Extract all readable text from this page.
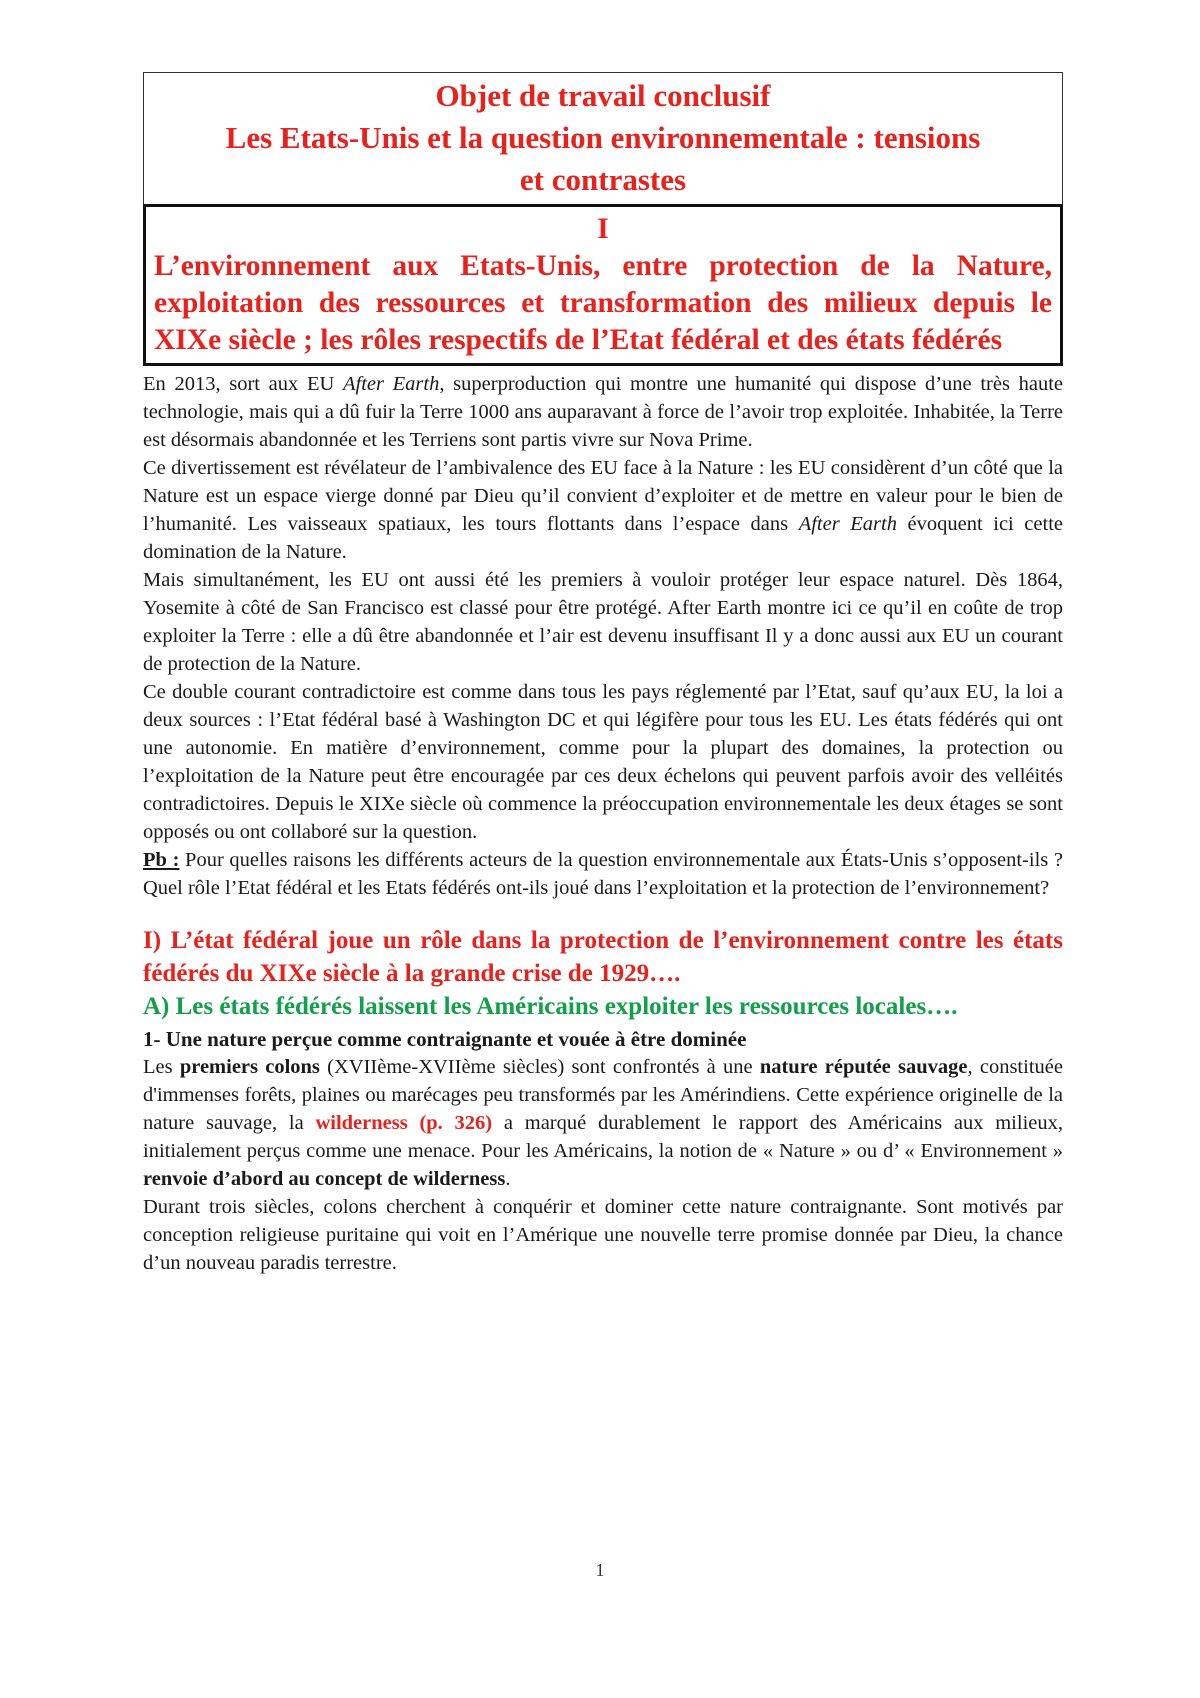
Objet de travail conclusif
Les Etats-Unis et la question environnementale : tensions
et contrastes
I
L’environnement aux Etats-Unis, entre protection de la Nature, exploitation des ressources et transformation des milieux depuis le XIXe siècle ; les rôles respectifs de l’Etat fédéral et des états fédérés

En 2013, sort aux EU After Earth, superproduction qui montre une humanité qui dispose d’une très haute technologie, mais qui a dû fuir la Terre 1000 ans auparavant à force de l’avoir trop exploitée. Inhabitée, la Terre est désormais abandonnée et les Terriens sont partis vivre sur Nova Prime.

Ce divertissement est révélateur de l’ambivalence des EU face à la Nature : les EU considèrent d’un côté que la Nature est un espace vierge donné par Dieu qu’il convient d’exploiter et de mettre en valeur pour le bien de l’humanité. Les vaisseaux spatiaux, les tours flottants dans l’espace dans After Earth évoquent ici cette domination de la Nature.

Mais simultanément, les EU ont aussi été les premiers à vouloir protéger leur espace naturel. Dès 1864, Yosemite à côté de San Francisco est classé pour être protégé. After Earth montre ici ce qu’il en coûte de trop exploiter la Terre : elle a dû être abandonnée et l’air est devenu insuffisant Il y a donc aussi aux EU un courant de protection de la Nature.

Ce double courant contradictoire est comme dans tous les pays réglementé par l’Etat, sauf qu’aux EU, la loi a deux sources : l’Etat fédéral basé à Washington DC et qui légifère pour tous les EU. Les états fédérés qui ont une autonomie. En matière d’environnement, comme pour la plupart des domaines, la protection ou l’exploitation de la Nature peut être encouragée par ces deux échelons qui peuvent parfois avoir des velléités contradictoires. Depuis le XIXe siècle où commence la préoccupation environnementale les deux étages se sont opposés ou ont collaboré sur la question.

Pb : Pour quelles raisons les différents acteurs de la question environnementale aux États-Unis s’opposent-ils ? Quel rôle l’Etat fédéral et les Etats fédérés ont-ils joué dans l’exploitation et la protection de l’environnement?

I) L’état fédéral joue un rôle dans la protection de l’environnement contre les états fédérés du XIXe siècle à la grande crise de 1929….
A) Les états fédérés laissent les Américains exploiter les ressources locales….
1- Une nature perçue comme contraignante et vouée à être dominée

Les premiers colons (XVIIème-XVIIème siècles) sont confrontés à une nature réputée sauvage, constituée d'immenses forêts, plaines ou marécages peu transformés par les Amérindiens. Cette expérience originelle de la nature sauvage, la wilderness (p. 326) a marqué durablement le rapport des Américains aux milieux, initialement perçus comme une menace. Pour les Américains, la notion de « Nature » ou d’ « Environnement » renvoie d’abord au concept de wilderness.

Durant trois siècles, colons cherchent à conquérir et dominer cette nature contraignante. Sont motivés par conception religieuse puritaine qui voit en l’Amérique une nouvelle terre promise donnée par Dieu, la chance d’un nouveau paradis terrestre.

1
